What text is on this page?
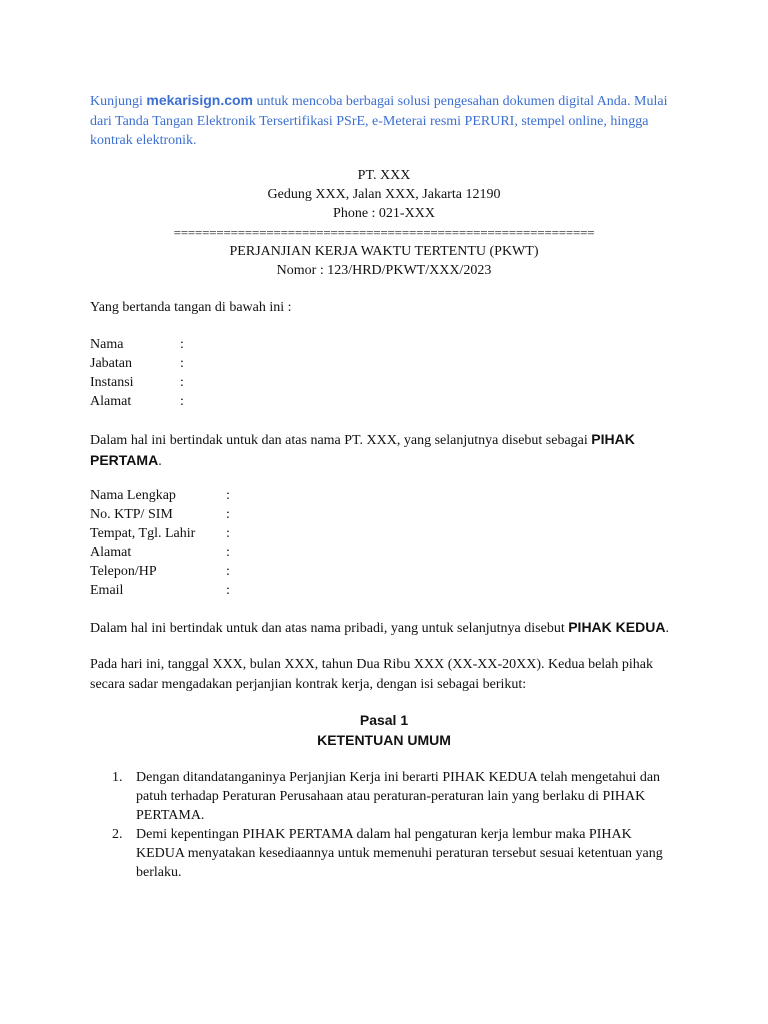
Kunjungi mekarisign.com untuk mencoba berbagai solusi pengesahan dokumen digital Anda. Mulai dari Tanda Tangan Elektronik Tersertifikasi PSrE, e-Meterai resmi PERURI, stempel online, hingga kontrak elektronik.
PT. XXX
Gedung XXX, Jalan XXX, Jakarta 12190
Phone : 021-XXX
===========================================================
PERJANJIAN KERJA WAKTU TERTENTU (PKWT)
Nomor : 123/HRD/PKWT/XXX/2023
Yang bertanda tangan di bawah ini :
Nama	:
Jabatan	:
Instansi	:
Alamat	:
Dalam hal ini bertindak untuk dan atas nama PT. XXX, yang selanjutnya disebut sebagai PIHAK PERTAMA.
Nama Lengkap	:
No. KTP/ SIM	:
Tempat, Tgl. Lahir :
Alamat	:
Telepon/HP	:
Email	:
Dalam hal ini bertindak untuk dan atas nama pribadi, yang untuk selanjutnya disebut PIHAK KEDUA.
Pada hari ini, tanggal XXX, bulan XXX, tahun Dua Ribu XXX (XX-XX-20XX). Kedua belah pihak secara sadar mengadakan perjanjian kontrak kerja, dengan isi sebagai berikut:
Pasal 1
KETENTUAN UMUM
1. Dengan ditandatanganinya Perjanjian Kerja ini berarti PIHAK KEDUA telah mengetahui dan patuh terhadap Peraturan Perusahaan atau peraturan-peraturan lain yang berlaku di PIHAK PERTAMA.
2. Demi kepentingan PIHAK PERTAMA dalam hal pengaturan kerja lembur maka PIHAK KEDUA menyatakan kesediaannya untuk memenuhi peraturan tersebut sesuai ketentuan yang berlaku.
